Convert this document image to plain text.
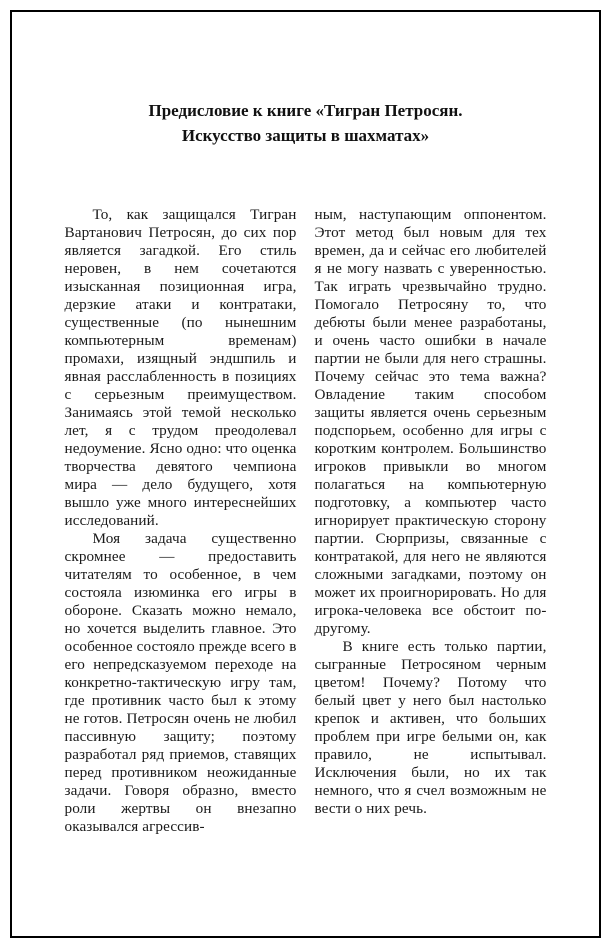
Предисловие к книге «Тигран Петросян.
Искусство защиты в шахматах»

То, как защищался Тигран Вартанович Петросян, до сих пор является загадкой. Его стиль неровен, в нем сочетаются изысканная позиционная игра, дерзкие атаки и контратаки, существенные (по нынешним компьютерным временам) промахи, изящный эндшпиль и явная расслабленность в позициях с серьезным преимуществом. Занимаясь этой темой несколько лет, я с трудом преодолевал недоумение. Ясно одно: что оценка творчества девятого чемпиона мира — дело будущего, хотя вышло уже много интереснейших исследований.

Моя задача существенно скромнее — предоставить читателям то особенное, в чем состояла изюминка его игры в обороне. Сказать можно немало, но хочется выделить главное. Это особенное состояло прежде всего в его непредсказуемом переходе на конкретно-тактическую игру там, где противник часто был к этому не готов. Петросян очень не любил пассивную защиту; поэтому разработал ряд приемов, ставящих перед противником неожиданные задачи. Говоря образно, вместо роли жертвы он внезапно оказывался агрессив-

ным, наступающим оппонентом. Этот метод был новым для тех времен, да и сейчас его любителей я не могу назвать с уверенностью. Так играть чрезвычайно трудно. Помогало Петросяну то, что дебюты были менее разработаны, и очень часто ошибки в начале партии не были для него страшны. Почему сейчас это тема важна? Овладение таким способом защиты является очень серьезным подспорьем, особенно для игры с коротким контролем. Большинство игроков привыкли во многом полагаться на компьютерную подготовку, а компьютер часто игнорирует практическую сторону партии. Сюрпризы, связанные с контратакой, для него не являются сложными загадками, поэтому он может их проигнорировать. Но для игрока-человека все обстоит по-другому.

В книге есть только партии, сыгранные Петросяном черным цветом! Почему? Потому что белый цвет у него был настолько крепок и активен, что больших проблем при игре белыми он, как правило, не испытывал. Исключения были, но их так немного, что я счел возможным не вести о них речь.
